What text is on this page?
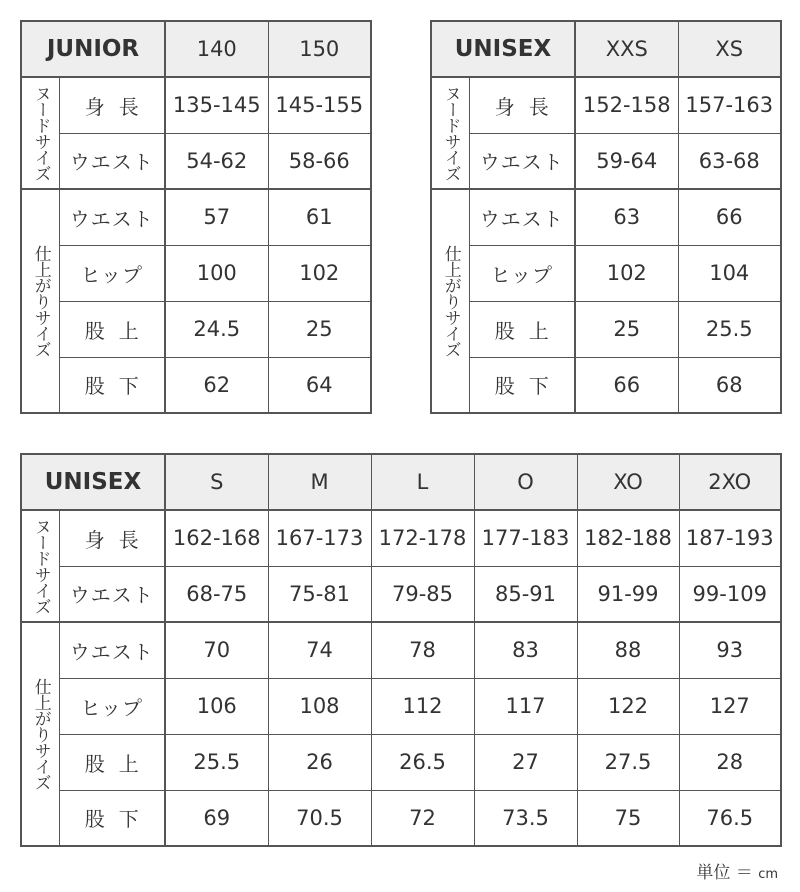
JUNIOR		140	150
ヌードサイズ	身長	135-145	145-155
	ウエスト	54-62	58-66
仕上がりサイズ	ウエスト	57	61
	ヒップ	100	102
	股上	24.5	25
	股下	62	64
UNISEX		XXS	XS
ヌードサイズ	身長	152-158	157-163
	ウエスト	59-64	63-68
仕上がりサイズ	ウエスト	63	66
	ヒップ	102	104
	股上	25	25.5
	股下	66	68
UNISEX		S	M	L	O	XO	2XO
ヌードサイズ	身長	162-168	167-173	172-178	177-183	182-188	187-193
	ウエスト	68-75	75-81	79-85	85-91	91-99	99-109
仕上がりサイズ	ウエスト	70	74	78	83	88	93
	ヒップ	106	108	112	117	122	127
	股上	25.5	26	26.5	27	27.5	28
	股下	69	70.5	72	73.5	75	76.5
単位 ＝ cm
